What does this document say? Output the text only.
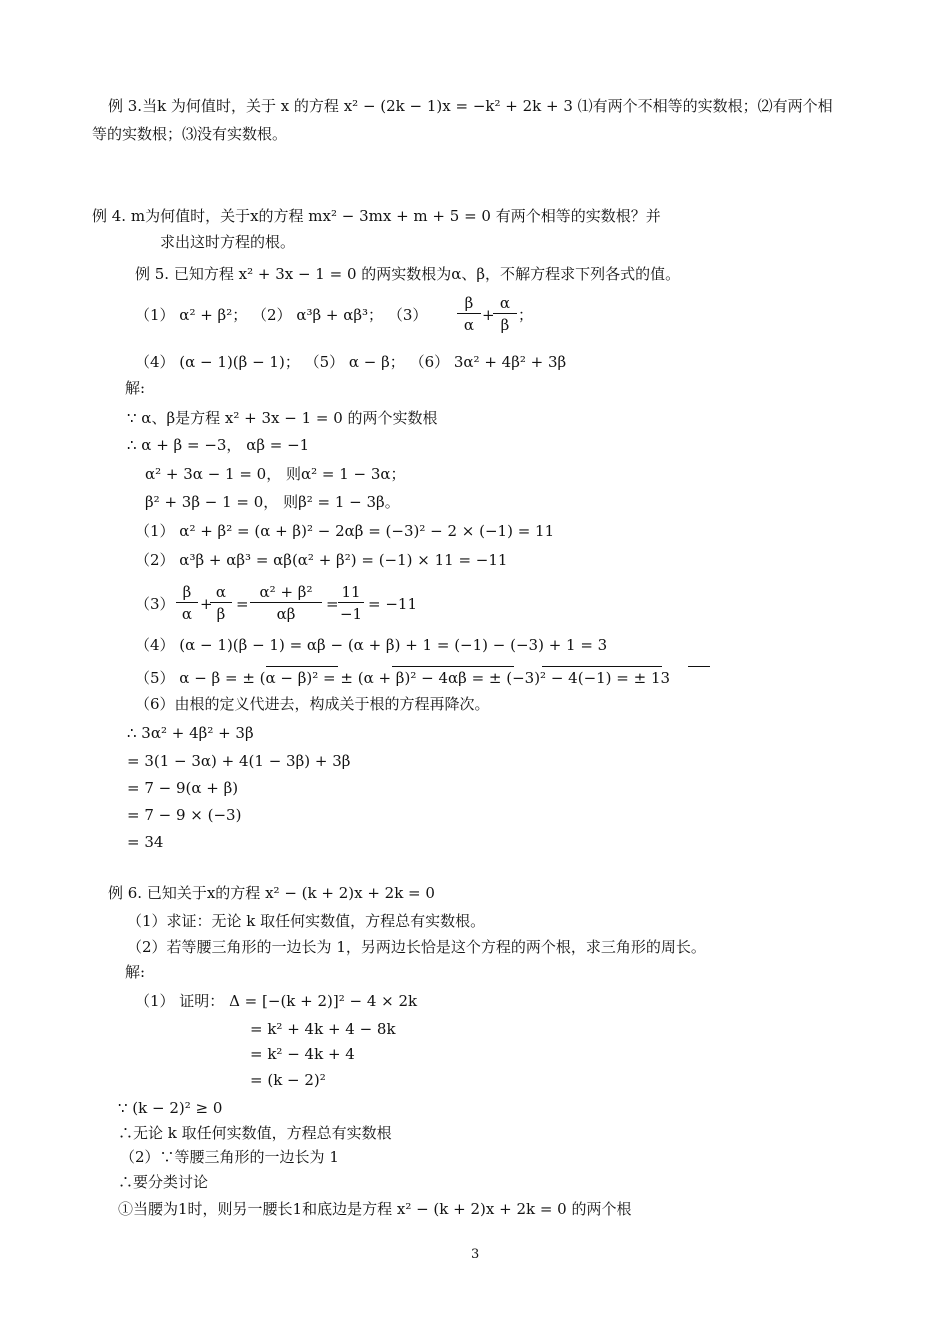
例 3.当k 为何值时，关于 x 的方程 x² − (2k − 1)x = −k² + 2k + 3 ⑴有两个不相等的实数根；⑵有两个相
等的实数根；⑶没有实数根。
例 4. m为何值时，关于x的方程 mx² − 3mx + m + 5 = 0 有两个相等的实数根？并
求出这时方程的根。
例 5. 已知方程 x² + 3x − 1 = 0 的两实数根为α、β，不解方程求下列各式的值。
（1） α² + β²； （2） α³β + αβ³； $(3) \frac{\beta}{\alpha}$ +
$\frac{\alpha}{\beta}$ ；
（4） (α − 1)(β − 1)； （5） α − β； （6） 3α² + 4β² + 3β
解:
∵ α、β是方程 x² + 3x − 1 = 0 的两个实数根
∴ α + β = −3， αβ = −1
α² + 3α − 1 = 0， 则α² = 1 − 3α；
β² + 3β − 1 = 0， 则β² = 1 − 3β。
（1） α² + β² = (α + β)² − 2αβ = (−3)² − 2 × (−1) = 11
（2） α³β + αβ³ = αβ(α² + β²) = (−1) × 11 = −11
$(3) \frac{\beta}{\alpha}$ +
$\frac{\alpha}{\beta} = \frac{\text{α² + β²}}{\alpha\beta} = \frac{11}{-1} = -11$
（4） (α − 1)(β − 1) = αβ − (α + β) + 1 = (−1) − (−3) + 1 = 3
（5） α − β = ± (α − β)² = ± (α + β)² − 4αβ = ± (−3)² − 4(−1) = ± 13
（6）由根的定义代进去，构成关于根的方程再降次。
∴ 3α² + 4β² + 3β
= 3(1 − 3α) + 4(1 − 3β) + 3β
= 7 − 9(α + β)
= 7 − 9 × (−3)
= 34
例 6. 已知关于x的方程 x² − (k + 2)x + 2k = 0
（1）求证：无论 k 取任何实数值，方程总有实数根。
（2）若等腰三角形的一边长为 1，另两边长恰是这个方程的两个根，求三角形的周长。
解:
（1） 证明： Δ = [−(k + 2)]² − 4 × 2k
= k² + 4k + 4 − 8k
= k² − 4k + 4
= (k − 2)²
∵ (k − 2)² ≥ 0
∴无论 k 取任何实数值，方程总有实数根
（2）∵等腰三角形的一边长为 1
∴要分类讨论
①当腰为1时，则另一腰长1和底边是方程 x² − (k + 2)x + 2k = 0 的两个根
3
